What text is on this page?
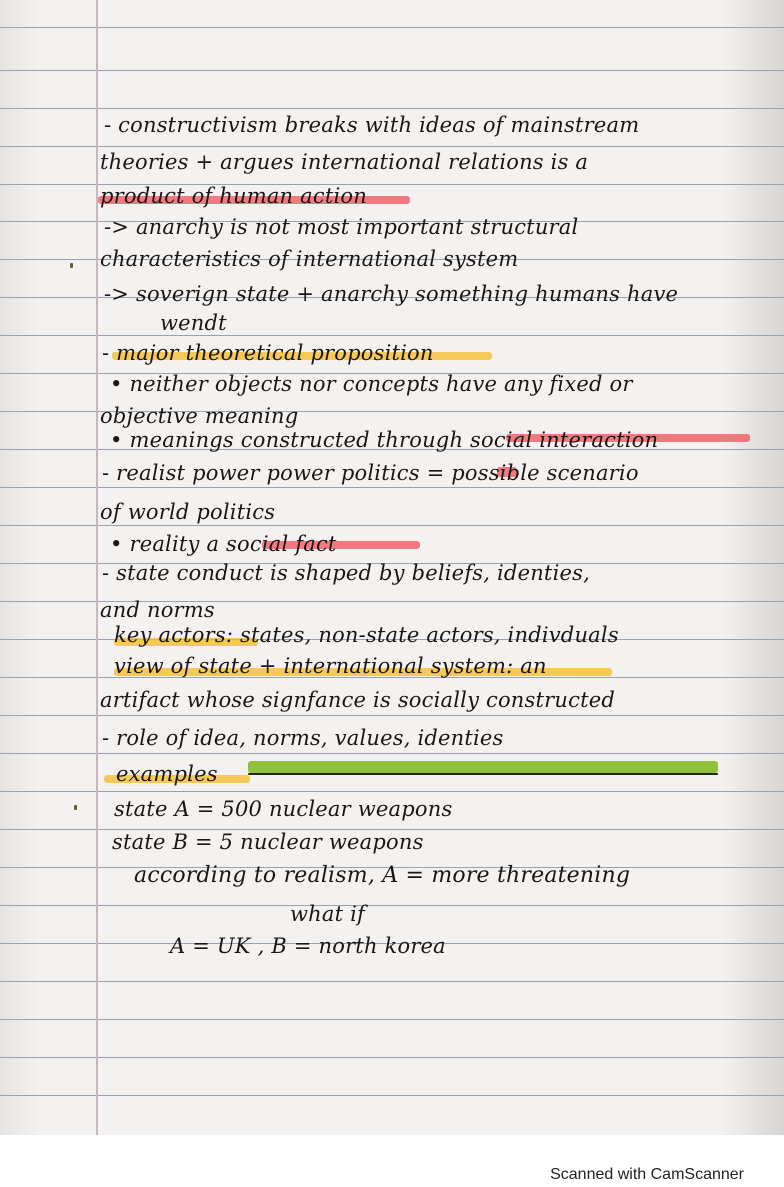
- constructivism breaks with ideas of mainstream
theories + argues international relations is a
product of human action
-> anarchy is not most important structural
characteristics of international system
-> soverign state + anarchy something humans have
wendt
- major theoretical proposition
• neither objects nor concepts have any fixed or
objective meaning
• meanings constructed through social interaction
- realist power power politics = possible scenario
of world politics
• reality a social fact
- state conduct is shaped by beliefs, identies,
and norms
key actors: states, non-state actors, indivduals
view of state + international system: an
artifact whose signfance is socially constructed
- role of idea, norms, values, identies
examples
state A = 500 nuclear weapons
state B = 5 nuclear weapons
according to realism, A = more threatening
what if
A = UK , B = north korea
Scanned with CamScanner
